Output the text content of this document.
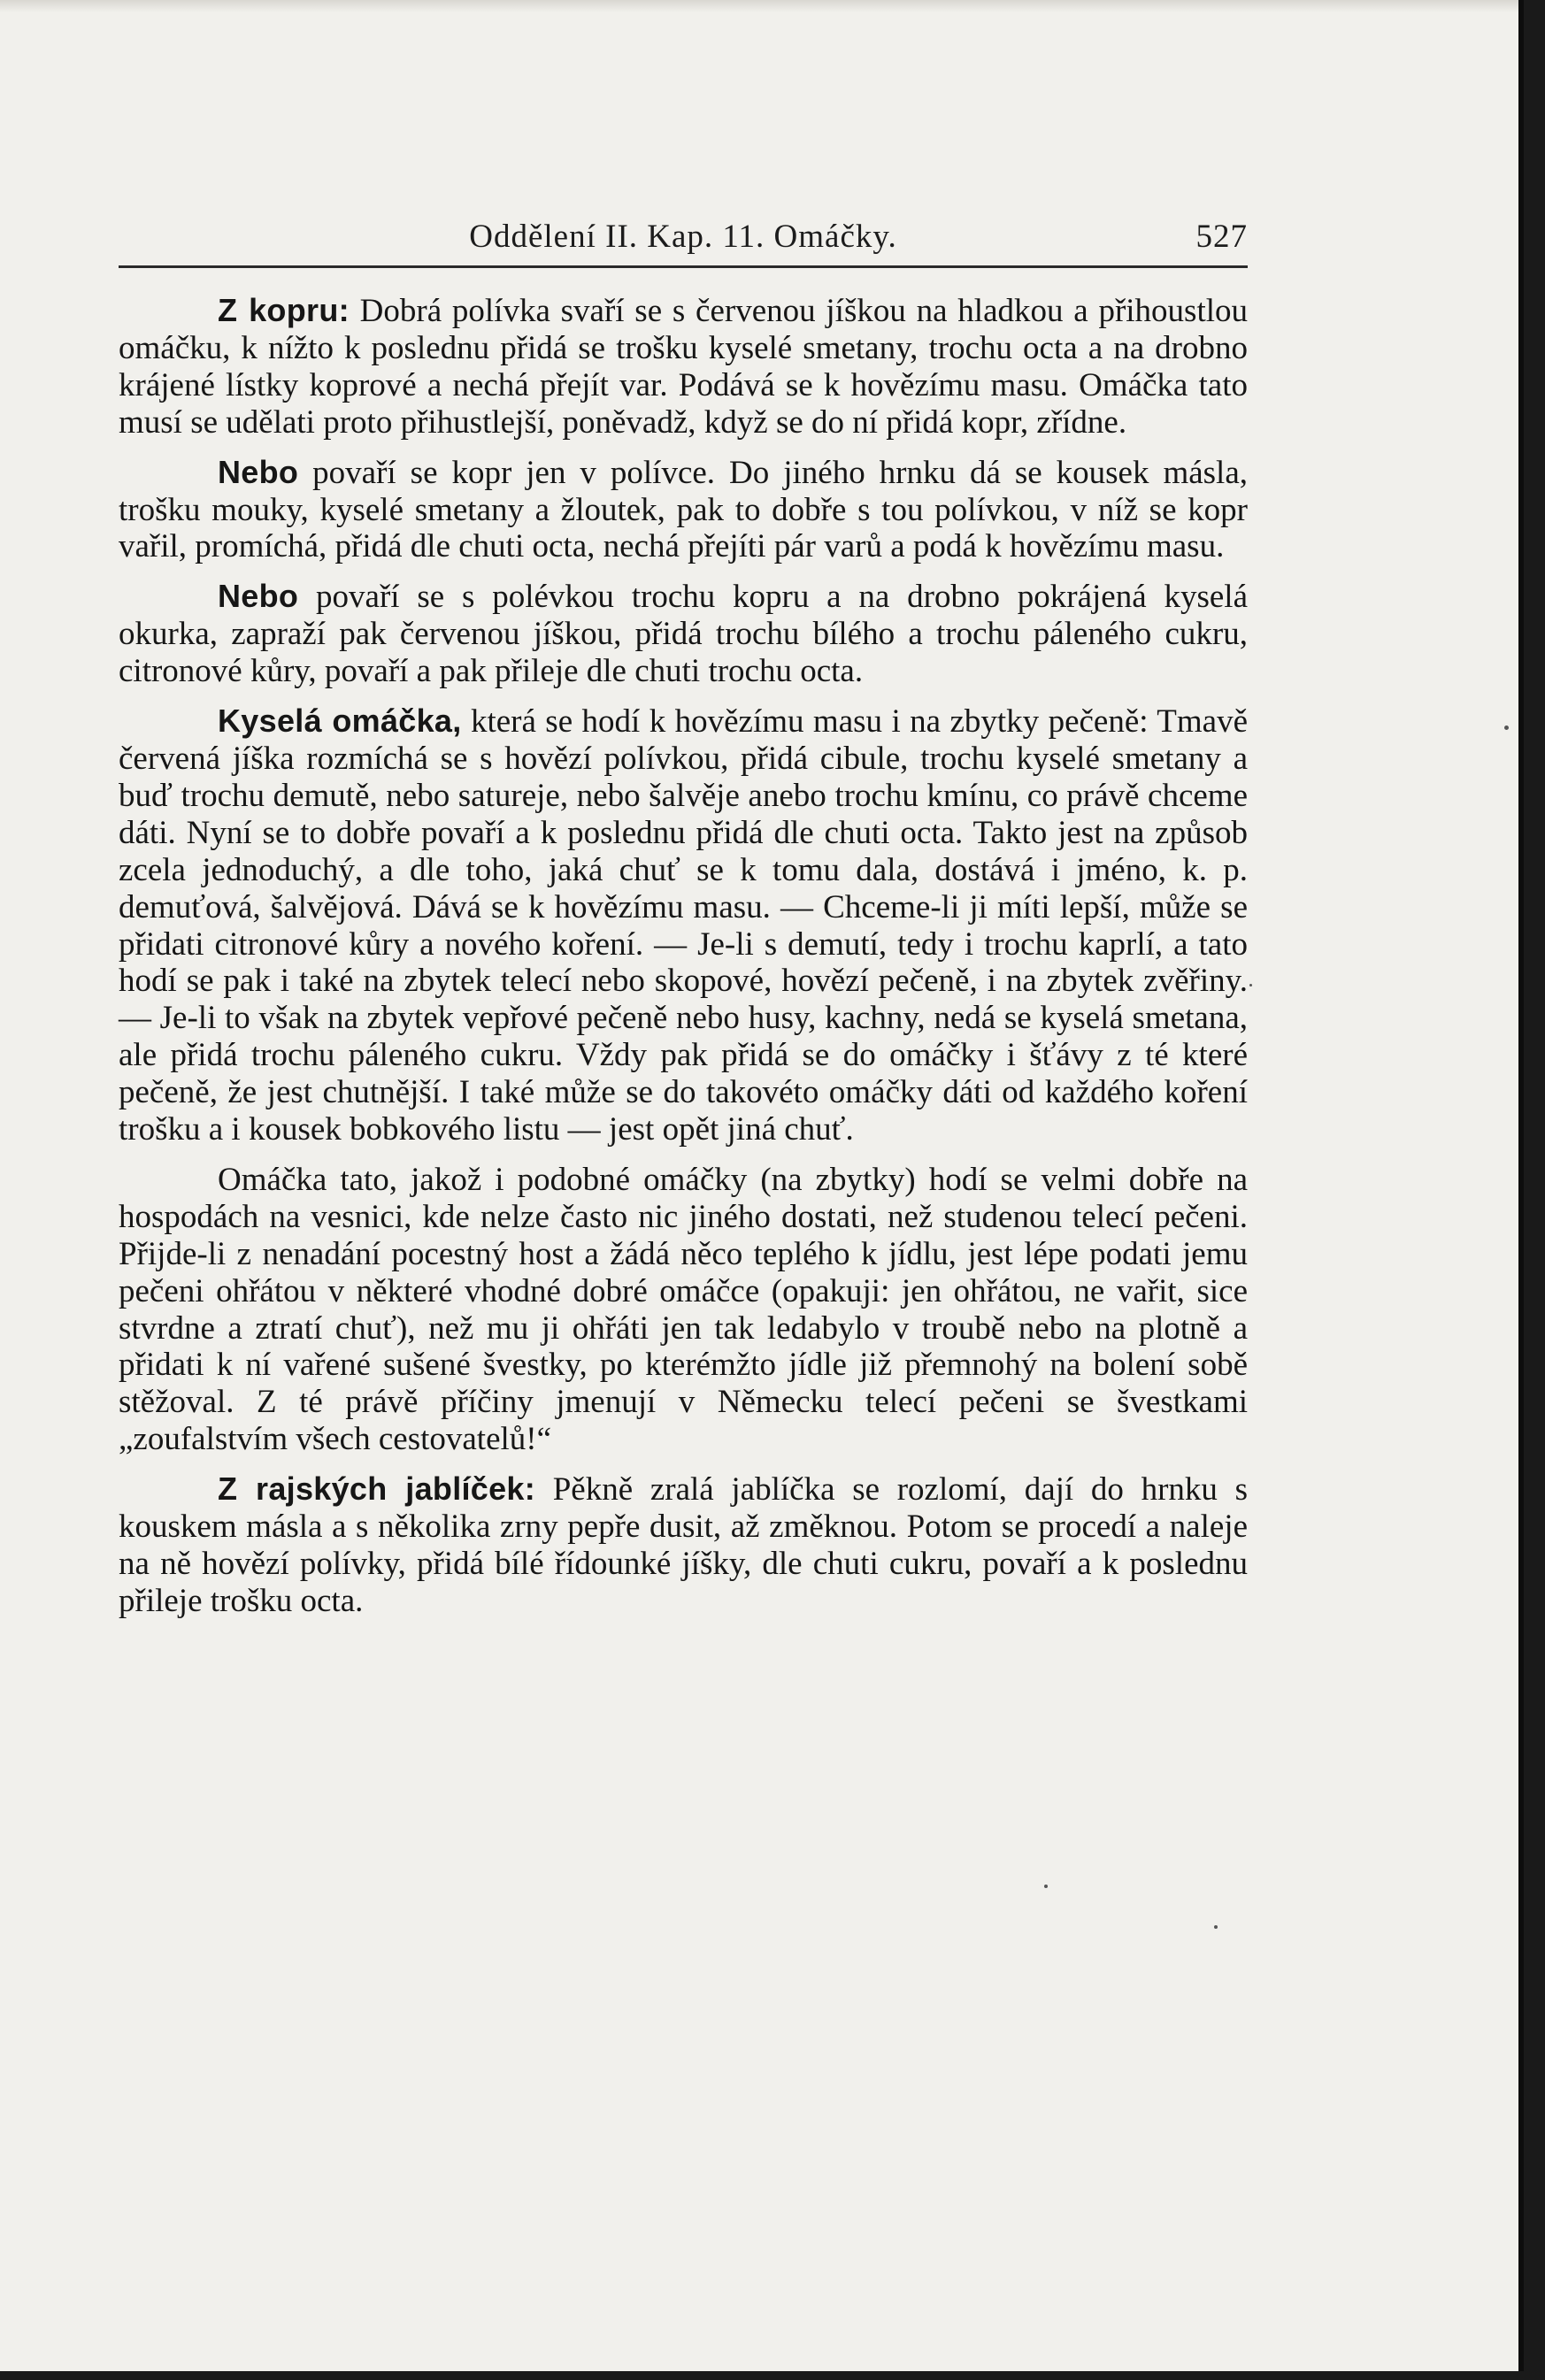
Oddělení II. Kap. 11. Omáčky.	527

Z kopru: Dobrá polívka svaří se s červenou jíškou na hladkou a přihoustlou omáčku, k nížto k poslednu přidá se trošku kyselé smetany, trochu octa a na drobno krájené lístky koprové a nechá přejít var. Podává se k hovězímu masu. Omáčka tato musí se udělati proto přihustlejší, poněvadž, když se do ní přidá kopr, zřídne.

Nebo povaří se kopr jen v polívce. Do jiného hrnku dá se kousek másla, trošku mouky, kyselé smetany a žloutek, pak to dobře s tou polívkou, v níž se kopr vařil, promíchá, přidá dle chuti octa, nechá přejíti pár varů a podá k hovězímu masu.

Nebo povaří se s polévkou trochu kopru a na drobno pokrájená kyselá okurka, zapraží pak červenou jíškou, přidá trochu bílého a trochu páleného cukru, citronové kůry, povaří a pak přileje dle chuti trochu octa.

Kyselá omáčka, která se hodí k hovězímu masu i na zbytky pečeně: Tmavě červená jíška rozmíchá se s hovězí polívkou, přidá cibule, trochu kyselé smetany a buď trochu demutě, nebo satureje, nebo šalvěje anebo trochu kmínu, co právě chceme dáti. Nyní se to dobře povaří a k poslednu přidá dle chuti octa. Takto jest na způsob zcela jednoduchý, a dle toho, jaká chuť se k tomu dala, dostává i jméno, k. p. demuťová, šalvějová. Dává se k hovězímu masu. — Chceme-li ji míti lepší, může se přidati citronové kůry a nového koření. — Je-li s demutí, tedy i trochu kaprlí, a tato hodí se pak i také na zbytek telecí nebo skopové, hovězí pečeně, i na zbytek zvěřiny. — Je-li to však na zbytek vepřové pečeně nebo husy, kachny, nedá se kyselá smetana, ale přidá trochu páleného cukru. Vždy pak přidá se do omáčky i šťávy z té které pečeně, že jest chutnější. I také může se do takovéto omáčky dáti od každého koření trošku a i kousek bobkového listu — jest opět jiná chuť.

Omáčka tato, jakož i podobné omáčky (na zbytky) hodí se velmi dobře na hospodách na vesnici, kde nelze často nic jiného dostati, než studenou telecí pečeni. Přijde-li z nenadání pocestný host a žádá něco teplého k jídlu, jest lépe podati jemu pečeni ohřátou v některé vhodné dobré omáčce (opakuji: jen ohřátou, ne vařit, sice stvrdne a ztratí chuť), než mu ji ohřáti jen tak ledabylo v troubě nebo na plotně a přidati k ní vařené sušené švestky, po kterémžto jídle již přemnohý na bolení sobě stěžoval. Z té právě příčiny jmenují v Německu telecí pečeni se švestkami „zoufalstvím všech cestovatelů!“

Z rajských jablíček: Pěkně zralá jablíčka se rozlomí, dají do hrnku s kouskem másla a s několika zrny pepře dusit, až změknou. Potom se procedí a naleje na ně hovězí polívky, přidá bílé řídounké jíšky, dle chuti cukru, povaří a k poslednu přileje trošku octa.
